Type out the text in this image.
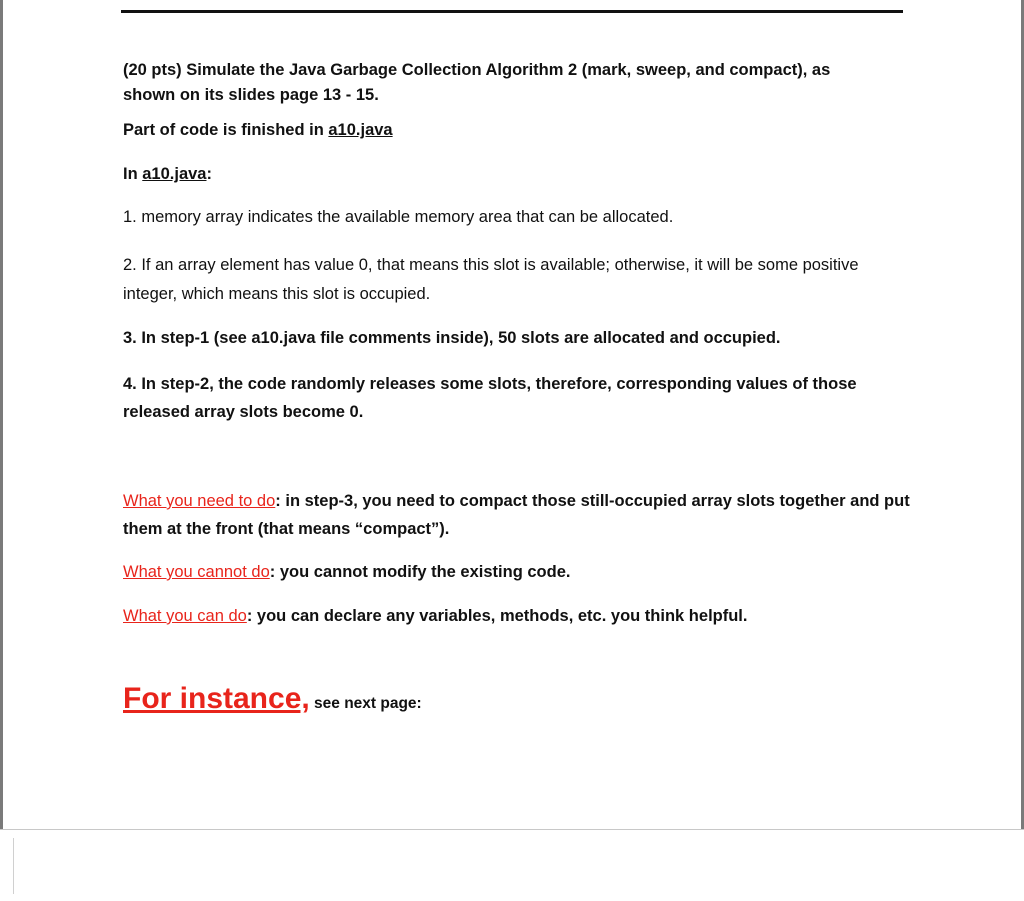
(20 pts) Simulate the Java Garbage Collection Algorithm 2 (mark, sweep, and compact), as
shown on its slides page 13 - 15.

Part of code is finished in a10.java

In a10.java:

1. memory array indicates the available memory area that can be allocated.

2. If an array element has value 0, that means this slot is available; otherwise, it will be some positive integer, which means this slot is occupied.

3. In step-1 (see a10.java file comments inside), 50 slots are allocated and occupied.

4. In step-2, the code randomly releases some slots, therefore, corresponding values of those released array slots become 0.

What you need to do: in step-3, you need to compact those still-occupied array slots together and put them at the front (that means “compact”).

What you cannot do: you cannot modify the existing code.

What you can do: you can declare any variables, methods, etc. you think helpful.

For instance, see next page:
